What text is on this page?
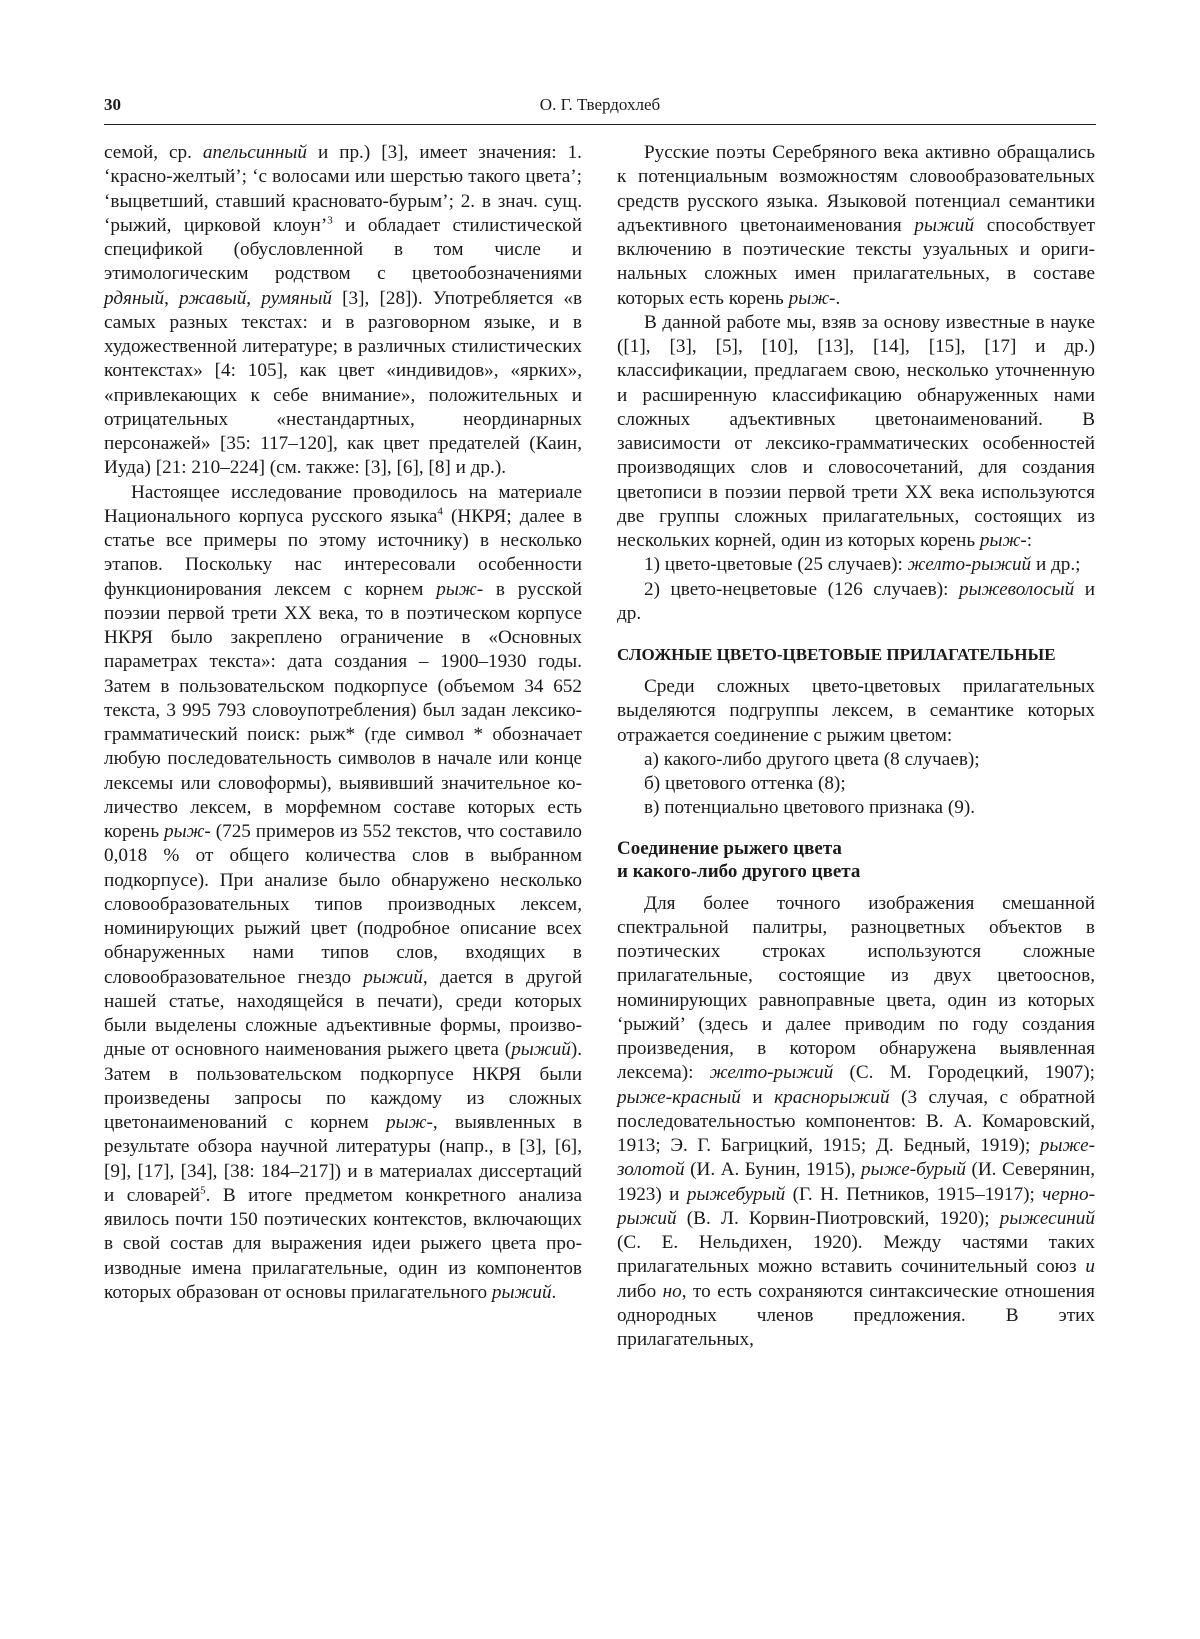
30	О. Г. Твердохлеб

семой, ср. апельсинный и пр.) [3], имеет значения: 1. ‘красно-желтый’; ‘с волосами или шерстью такого цвета’; ‘выцветший, ставший красновато-бурым’; 2. в знач. сущ. ‘рыжий, цирковой клоун’$^3$ и обладает стилистической спецификой (обусловленной в том числе и этимологическим родством с цветообозначениями рдяный, ржавый, румяный [3], [28]). Употребляется «в самых разных текстах: и в разговорном языке, и в художественной литературе; в различных стилистических контекстах» [4: 105], как цвет «индивидов», «ярких», «привлекающих к себе внимание», положительных и отрицательных «нестандартных, неординарных персонажей» [35: 117–120], как цвет предателей (Каин, Иуда) [21: 210–224] (см. также: [3], [6], [8] и др.).

Настоящее исследование проводилось на материале Национального корпуса русского языка$^4$ (НКРЯ; далее в статье все примеры по этому источнику) в несколько этапов. Поскольку нас интересовали особенности функционирования лексем с корнем рыж- в русской поэзии первой трети XX века, то в поэтическом корпусе НКРЯ было закреплено ограничение в «Основных параметрах текста»: дата создания – 1900–1930 годы. Затем в пользовательском подкорпусе (объемом 34 652 текста, 3 995 793 словоупотребления) был задан лексико-грамматический поиск: рыж* (где символ * обозначает любую последовательность символов в начале или конце лексемы или словоформы), выявивший значительное количество лексем, в морфемном составе которых есть корень рыж- (725 примеров из 552 текстов, что составило 0,018 % от общего количества слов в выбранном подкорпусе). При анализе было обнаружено несколько словообразовательных типов производных лексем, номинирующих рыжий цвет (подробное описание всех обнаруженных нами типов слов, входящих в словообразовательное гнездо рыжий, дается в другой нашей статье, находящейся в печати), среди которых были выделены сложные адъективные формы, производные от основного наименования рыжего цвета (рыжий). Затем в пользовательском подкорпусе НКРЯ были произведены запросы по каждому из сложных цветонаименований с корнем рыж-, выявленных в результате обзора научной литературы (напр., в [3], [6], [9], [17], [34], [38: 184–217]) и в материалах диссертаций и словарей$^5$. В итоге предметом конкретного анализа явилось почти 150 поэтических контекстов, включающих в свой состав для выражения идеи рыжего цвета производные имена прилагательные, один из компонентов которых образован от основы прилагательного рыжий.

Русские поэты Серебряного века активно обращались к потенциальным возможностям словообразовательных средств русского языка. Языковой потенциал семантики адъективного цветонаименования рыжий способствует включению в поэтические тексты узуальных и оригинальных сложных имен прилагательных, в составе которых есть корень рыж-.

В данной работе мы, взяв за основу известные в науке ([1], [3], [5], [10], [13], [14], [15], [17] и др.) классификации, предлагаем свою, несколько уточненную и расширенную классификацию обнаруженных нами сложных адъективных цветонаименований. В зависимости от лексико-грамматических особенностей производящих слов и словосочетаний, для создания цветописи в поэзии первой трети XX века используются две группы сложных прилагательных, состоящих из нескольких корней, один из которых корень рыж-:

1) цвето-цветовые (25 случаев): желто-рыжий и др.;

2) цвето-нецветовые (126 случаев): рыжеволосый и др.

СЛОЖНЫЕ ЦВЕТО-ЦВЕТОВЫЕ ПРИЛАГАТЕЛЬНЫЕ

Среди сложных цвето-цветовых прилагательных выделяются подгруппы лексем, в семантике которых отражается соединение с рыжим цветом:

а) какого-либо другого цвета (8 случаев);

б) цветового оттенка (8);

в) потенциально цветового признака (9).

Соединение рыжего цвета
и какого-либо другого цвета

Для более точного изображения смешанной спектральной палитры, разноцветных объектов в поэтических строках используются сложные прилагательные, состоящие из двух цветооснов, номинирующих равноправные цвета, один из которых ‘рыжий’ (здесь и далее приводим по году создания произведения, в котором обнаружена выявленная лексема): желто-рыжий (С. М. Городецкий, 1907); рыже-красный и краснорыжий (3 случая, с обратной последовательностью компонентов: В. А. Комаровский, 1913; Э. Г. Багрицкий, 1915; Д. Бедный, 1919); рыже-золотой (И. А. Бунин, 1915), рыже-бурый (И. Северянин, 1923) и рыжебурый (Г. Н. Петников, 1915–1917); черно-рыжий (В. Л. Корвин-Пиотровский, 1920); рыжесиний (С. Е. Нельдихен, 1920). Между частями таких прилагательных можно вставить сочинительный союз и либо но, то есть сохраняются синтаксические отношения однородных членов предложения. В этих прилагательных,
